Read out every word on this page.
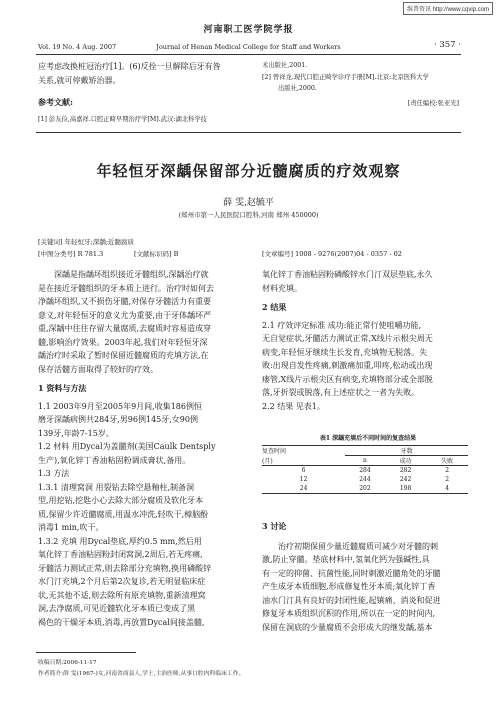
维普资讯 http://www.cqvip.com
河南职工医学院学报
Vol. 19 No. 4 Aug. 2007	Journal of Henan Medical College for Staff and Workers	· 357 ·
应考虑改换桩冠治疗[1]。(6)反拴一旦解除后牙有咎
关系,就可停戴矫治器。
参考文献:
[1] 彭友俭,高嘉祥.口腔正畸早期治疗学[M].武汉:湖北科学技
术出版社,2001.
[2] 曾祥龙.现代口腔正畸学诊疗手册[M].北京:北京医科大学
出版社,2000.
[责任编校:张亚光]
年轻恒牙深龋保留部分近髓腐质的疗效观察
薛 雯,赵毓平
(郑州市第一人民医院口腔科,河南 郑州 450000)
[关键词] 年轻恒牙;深龋;近髓腐质
[中图分类号] R 781.3	[文献标识码] B	[文章编号] 1008 - 9276(2007)04 - 0357 - 02
深龋是指龋坏组织接近牙髓组织,深龋治疗就
是在接近牙髓组织的牙本质上进行。治疗时如何去
净龋坏组织,又不损伤牙髓,对保存牙髓活力有重要
意义,对年轻恒牙的意义尤为重要,由于牙体龋坏严
重,深龋中往往存留大量腐质,去腐质时容易造成穿
髓,影响治疗效果。2003年起,我们对年轻恒牙深
龋治疗时采取了暂时保留近髓腐质的充填方法,在
保存活髓方面取得了较好的疗效。
1 资料与方法
1.1 2003年9月至2005年9月间,收集186例恒
磨牙深龋病例共284牙,男96例145牙,女90例
139牙,年龄7-15岁。
1.2 材料 用Dycal为盖髓剂(美国Caulk Dentsply
生产),氧化锌丁香油粘固粉调成膏状,备用。
1.3 方法
1.3.1 清理窝洞 用裂钻去除空悬釉柱,制备洞
型,用挖钻,挖匙小心去除大部分腐质及软化牙本
质,保留少许近髓腐质,用温水冲洗,轻吹干,樟脑酚
消毒1 min,吹干。
1.3.2 充填 用Dycal垫底,厚约0.5 mm,然后用
氧化锌丁香油粘固粉封闭窝洞,2周后,若无疼痛,
牙髓活力测试正常,则去除部分充填物,换用磷酸锌
水门汀充填,2个月后第2次复诊,若无明显临床症
状,无其他不适,则去除所有原充填物,重新清理窝
洞,去净腐质,可见近髓软化牙本质已变成了黑
褐色的干燥牙本质,消毒,再放置Dycal间接盖髓,
氧化锌丁香油粘固粉磷酸锌水门汀双层垫底,永久
材料充填。
2 结果
2.1 疗效评定标准 成功:能正常行使咀嚼功能,
无自觉症状,牙髓活力测试正常,X线片示根尖周无
病变,年轻恒牙继续生长发育,充填物无脱落。失
败:出现自发性疼痛,刺激痛加重,叩疼,松动或出现
瘘管,X线片示根尖区有病变,充填物部分或全部脱
落,牙折裂或脱落,有上述症状之一者为失败。
2.2 结果 见表1。
表1 深龋充填后不同时间的复查结果
复查时间	牙数		
(月)	n	成功	失败
6	284	282	2
12	244	242	2
24	202	198	4
3 讨论
治疗初期保留少量近髓腐质可减少对牙髓的刺
激,防止穿髓。垫底材料中,氢氧化钙为强碱性,具
有一定的抑菌、抗菌性能,同时刺激近髓角处的牙髓
产生成牙本质细胞,形成修复性牙本质;氧化锌丁香
油水门汀具有良好的封闭性能,起镇痛、消炎和促进
修复牙本质组织沉积的作用,所以在一定的时间内,
保留在洞底的少量腐质不会形成大的继发龋,基本
收稿日期:2006-11-17
作者简介:薛 雯(1967-)女,河南省商县人,学士,主治医师,从事口腔内科临床工作。
